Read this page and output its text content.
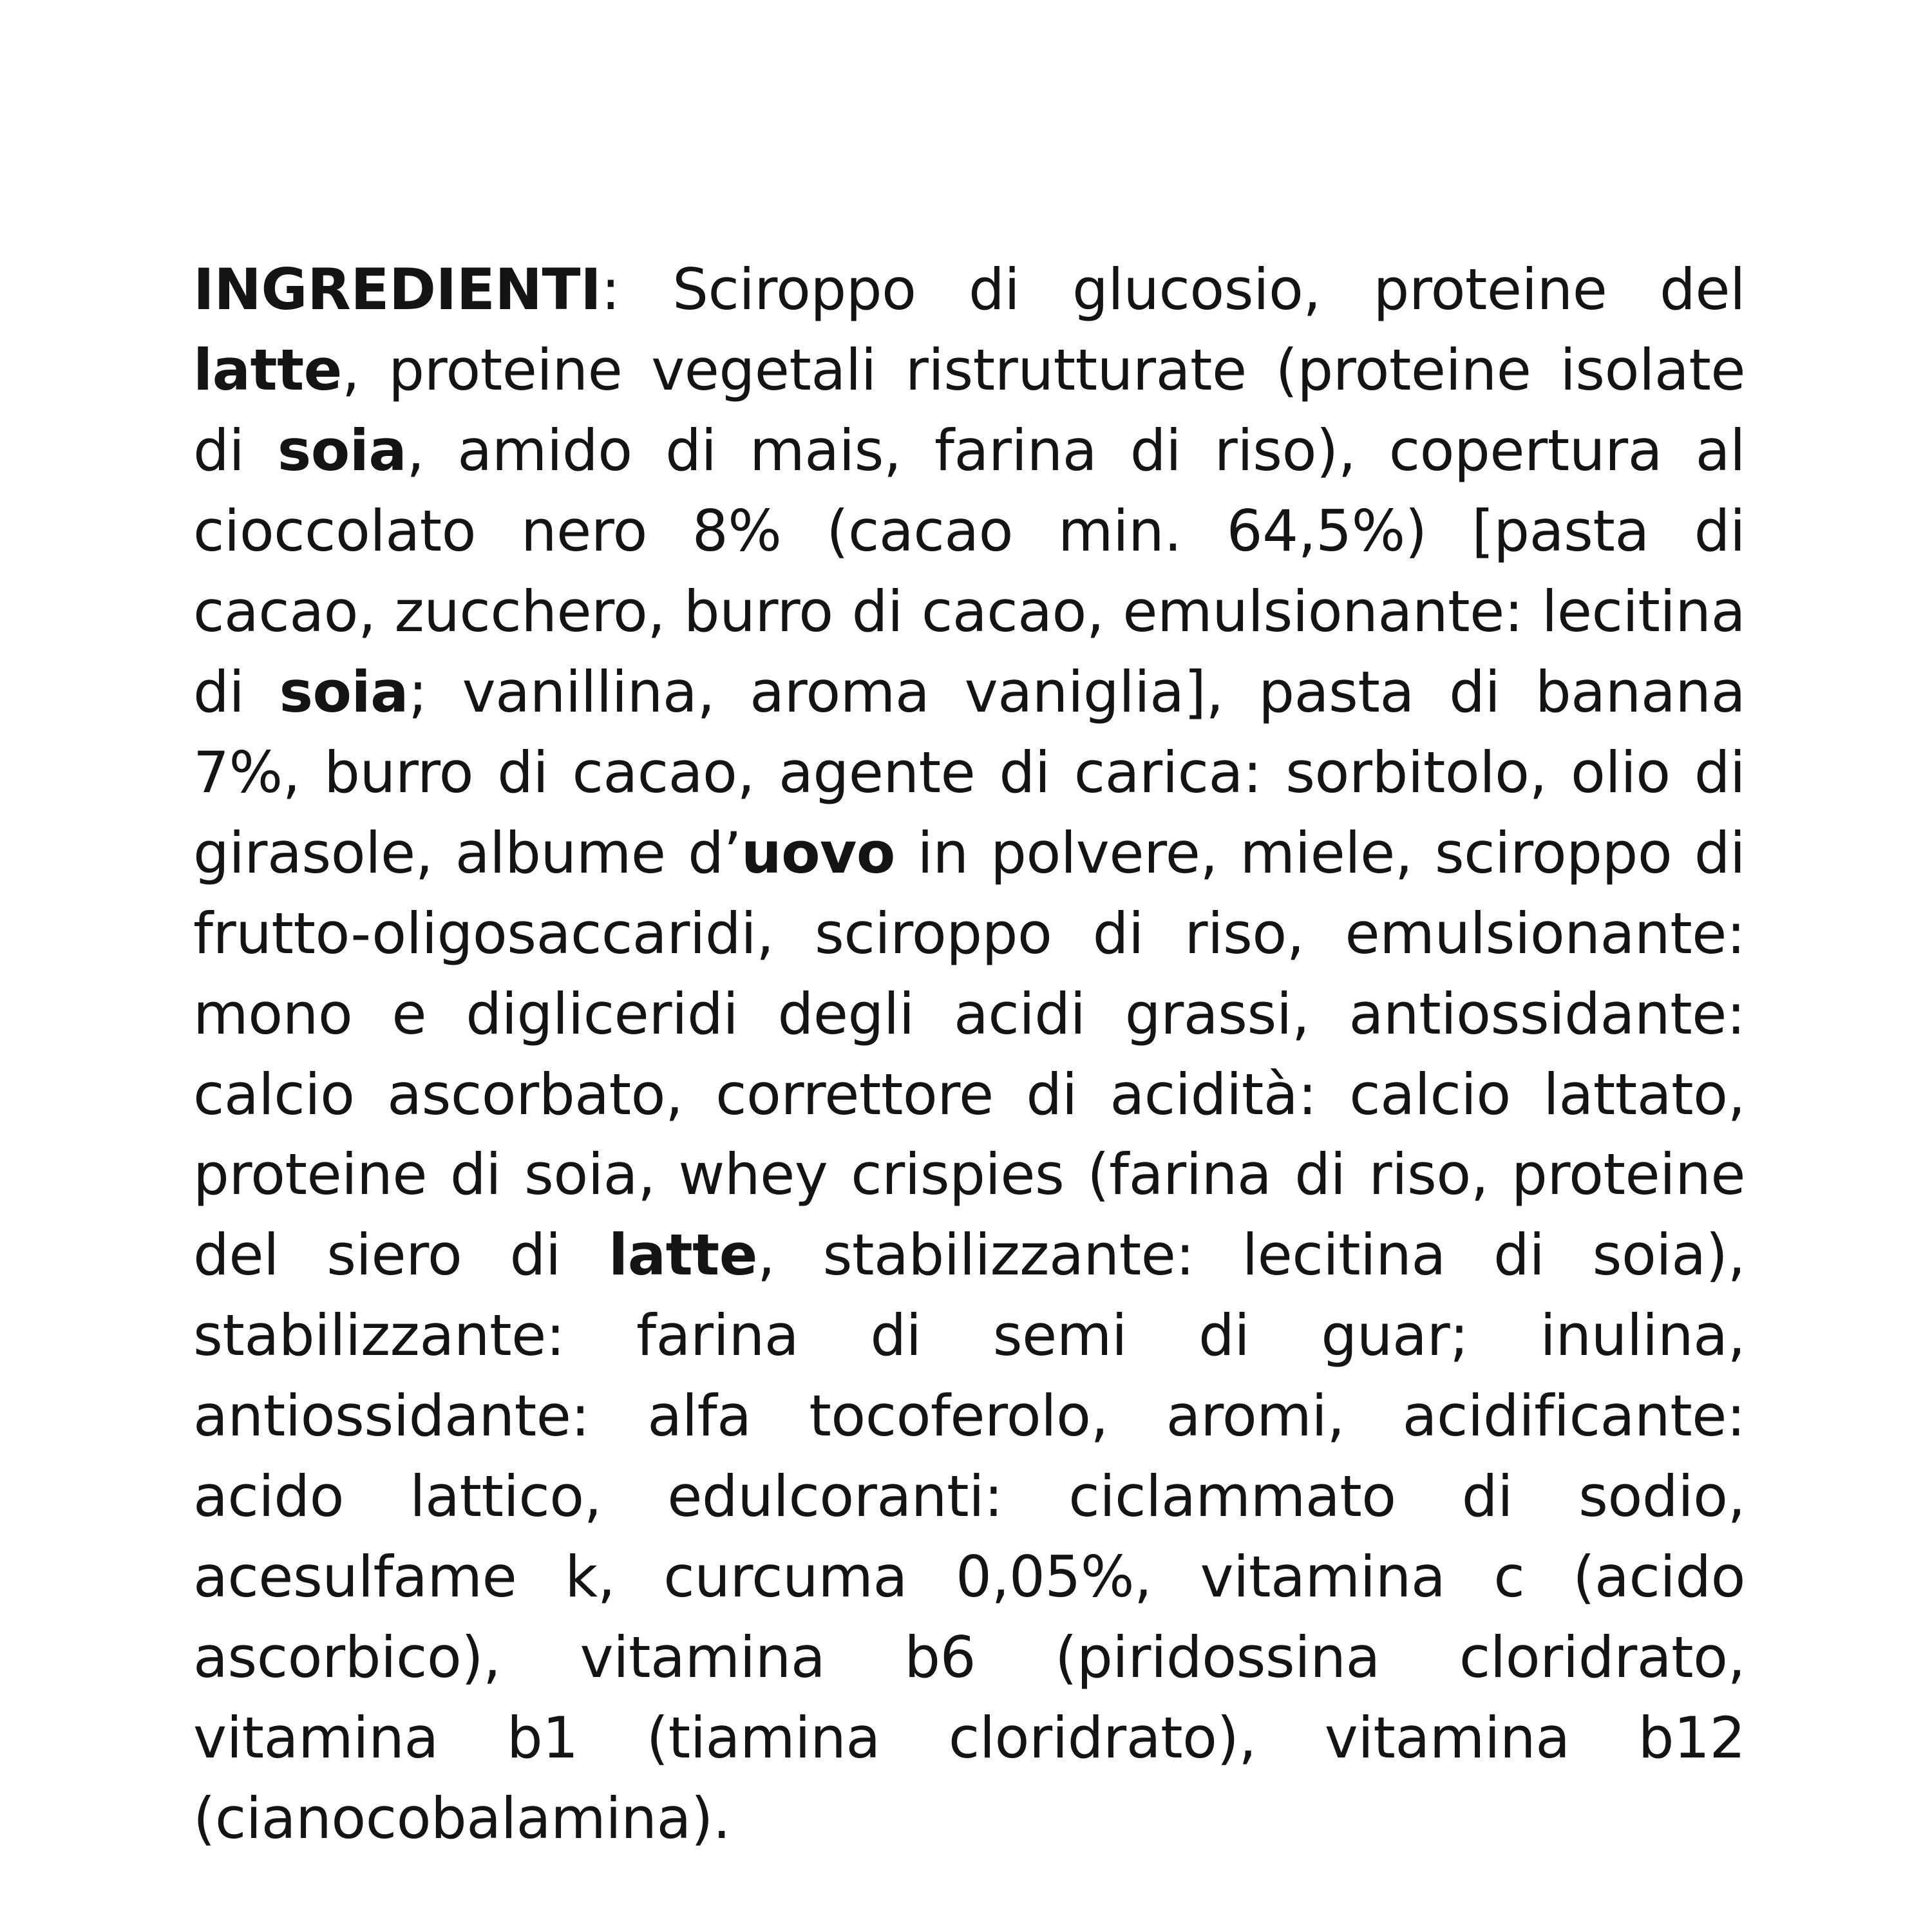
INGREDIENTI: Sciroppo di glucosio, proteine del latte, proteine vegetali ristrutturate (proteine isolate di soia, amido di mais, farina di riso), copertura al cioccolato nero 8% (cacao min. 64,5%) [pasta di cacao, zucchero, burro di cacao, emulsionante: lecitina di soia; vanillina, aroma vaniglia], pasta di banana 7%, burro di cacao, agente di carica: sorbitolo, olio di girasole, albume d’uovo in polvere, miele, sciroppo di frutto-oligosaccaridi, sciroppo di riso, emulsionante: mono e digliceridi degli acidi grassi, antiossidante: calcio ascorbato, correttore di acidità: calcio lattato, proteine di soia, whey crispies (farina di riso, proteine del siero di latte, stabilizzante: lecitina di soia), stabilizzante: farina di semi di guar; inulina, antiossidante: alfa tocoferolo, aromi, acidificante: acido lattico, edulcoranti: ciclammato di sodio, acesulfame k, curcuma 0,05%, vitamina c (acido ascorbico), vitamina b6 (piridossina cloridrato, vitamina b1 (tiamina cloridrato), vitamina b12 (cianocobalamina).
